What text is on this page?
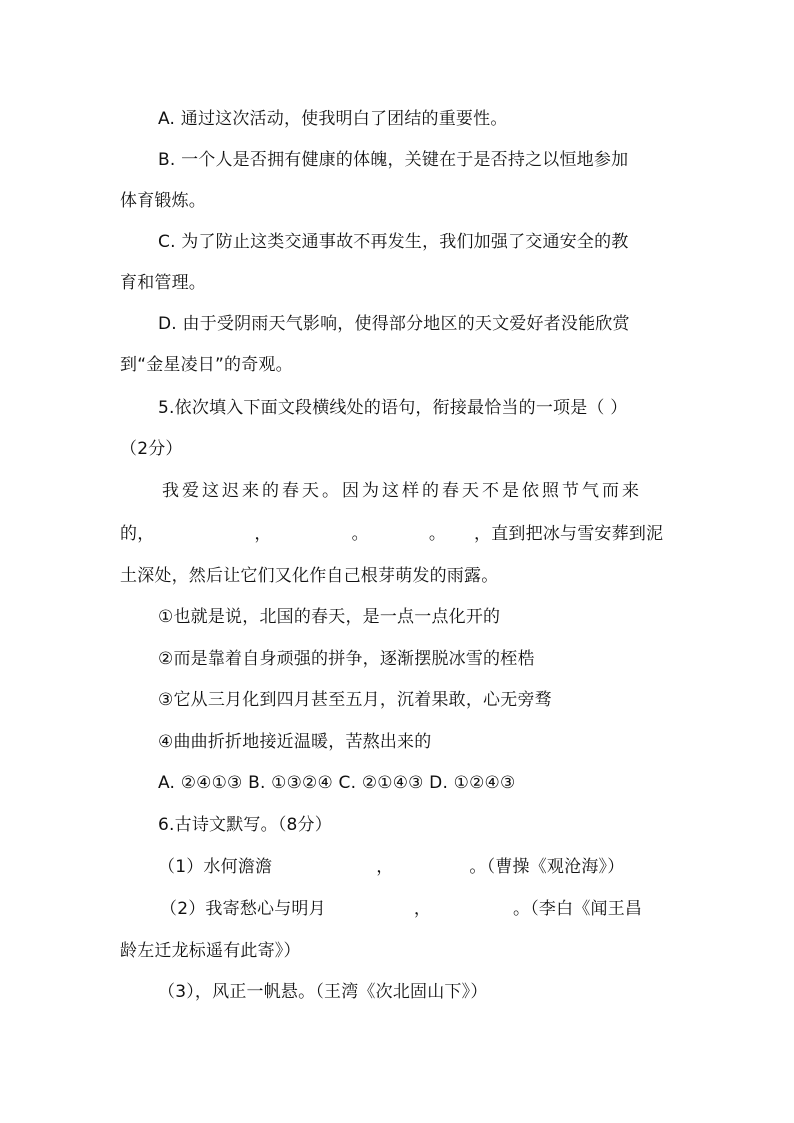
A. 通过这次活动，使我明白了团结的重要性。
B. 一个人是否拥有健康的体魄，关键在于是否持之以恒地参加
体育锻炼。
C. 为了防止这类交通事故不再发生，我们加强了交通安全的教
育和管理。
D. 由于受阴雨天气影响，使得部分地区的天文爱好者没能欣赏
到“金星凌日”的奇观。
5.依次填入下面文段横线处的语句，衔接最恰当的一项是（ ）
（2分）
我爱这迟来的春天。因为这样的春天不是依照节气而来
的，	，	。	。 ，直到把冰与雪安葬到泥
土深处，然后让它们又化作自己根芽萌发的雨露。
①也就是说，北国的春天，是一点一点化开的
②而是靠着自身顽强的拼争，逐渐摆脱冰雪的桎梏
③它从三月化到四月甚至五月，沉着果敢，心无旁骛
④曲曲折折地接近温暖，苦熬出来的
A. ②④①③ B. ①③②④ C. ②①④③ D. ①②④③
6.古诗文默写。（8分）
（1）水何澹澹	，	。（曹操《观沧海》）
（2）我寄愁心与明月	，	。（李白《闻王昌
龄左迁龙标遥有此寄》）
（3），风正一帆悬。（王湾《次北固山下》）
